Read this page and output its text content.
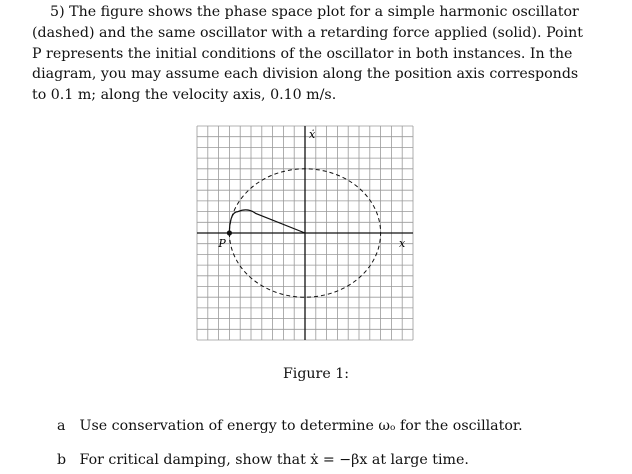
5) The figure shows the phase space plot for a simple harmonic oscillator
(dashed) and the same oscillator with a retarding force applied (solid). Point
P represents the initial conditions of the oscillator in both instances. In the
diagram, you may assume each division along the position axis corresponds
to 0.1 m; along the velocity axis, 0.10 m/s.
P	x
ẋ
Figure 1:
a Use conservation of energy to determine ωₒ for the oscillator.
b For critical damping, show that ẋ = −βx at large time.
